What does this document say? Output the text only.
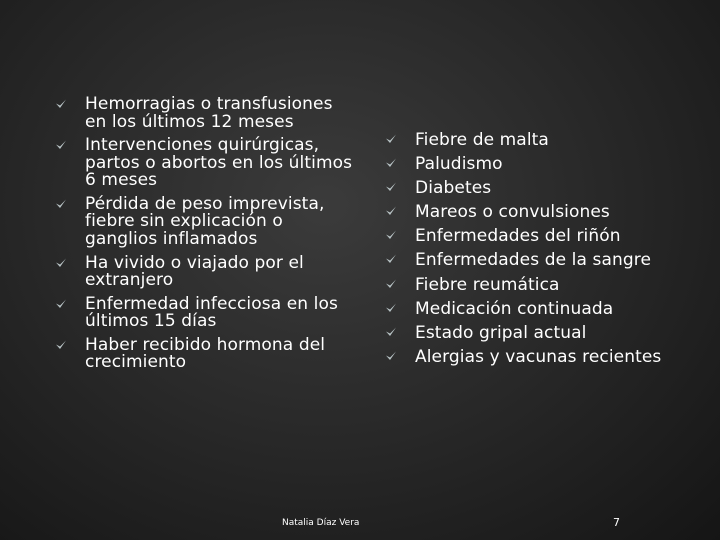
Hemorragias o transfusiones en los últimos 12 meses
Intervenciones quirúrgicas, partos o abortos en los últimos 6 meses
Pérdida de peso imprevista, fiebre sin explicación o ganglios inflamados
Ha vivido o viajado por el extranjero
Enfermedad infecciosa en los últimos 15 días
Haber recibido hormona del crecimiento
Fiebre de malta
Paludismo
Diabetes
Mareos o convulsiones
Enfermedades del riñón
Enfermedades de la sangre
Fiebre reumática
Medicación continuada
Estado gripal actual
Alergias y vacunas recientes
Natalia Díaz Vera	7
